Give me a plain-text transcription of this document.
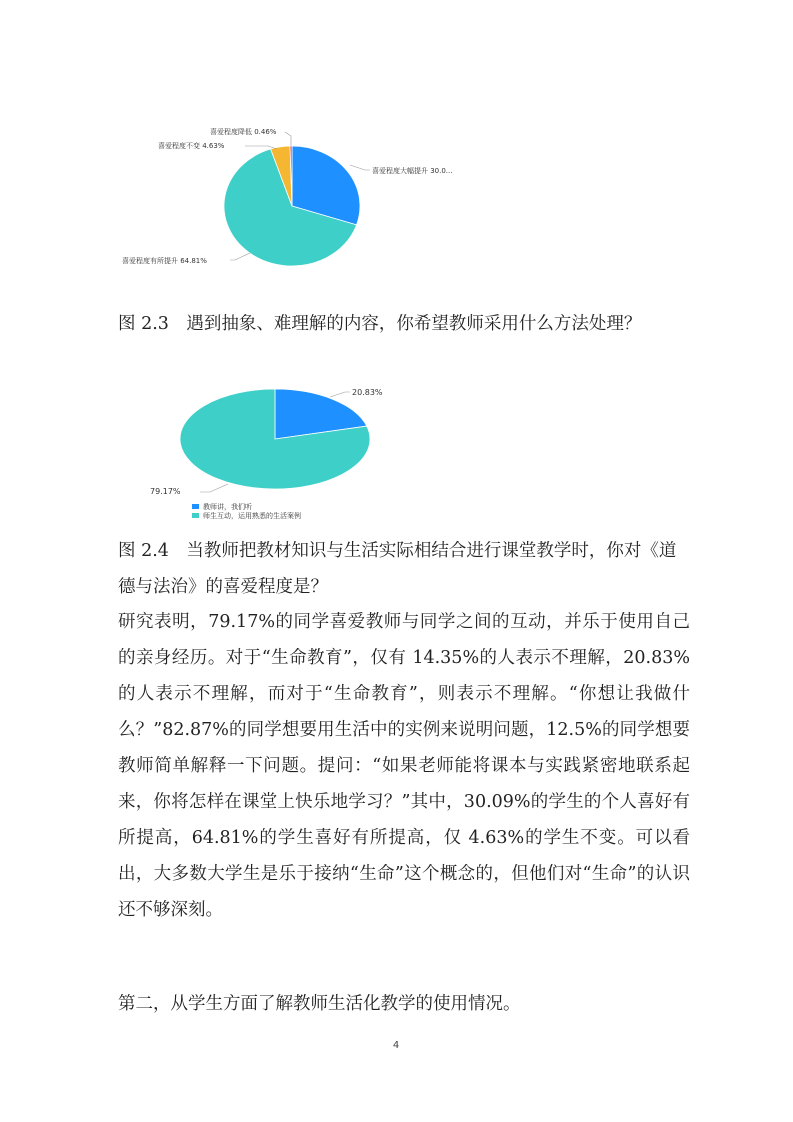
喜爱程度大幅提升 30.0...
喜爱程度有所提升 64.81%
喜爱程度不变 4.63%
喜爱程度降低 0.46%

图 2.3　遇到抽象、难理解的内容，你希望教师采用什么方法处理？

20.83%
79.17%
教师讲，我们听
师生互动，运用熟悉的生活案例

图 2.4　当教师把教材知识与生活实际相结合进行课堂教学时，你对《道德与法治》的喜爱程度是？

研究表明，79.17%的同学喜爱教师与同学之间的互动，并乐于使用自己的亲身经历。对于“生命教育”，仅有 14.35%的人表示不理解，20.83%的人表示不理解，而对于“生命教育”，则表示不理解。“你想让我做什么？”82.87%的同学想要用生活中的实例来说明问题，12.5%的同学想要教师简单解释一下问题。提问：“如果老师能将课本与实践紧密地联系起来，你将怎样在课堂上快乐地学习？”其中，30.09%的学生的个人喜好有所提高，64.81%的学生喜好有所提高，仅 4.63%的学生不变。可以看出，大多数大学生是乐于接纳“生命”这个概念的，但他们对“生命”的认识还不够深刻。

第二，从学生方面了解教师生活化教学的使用情况。

4
